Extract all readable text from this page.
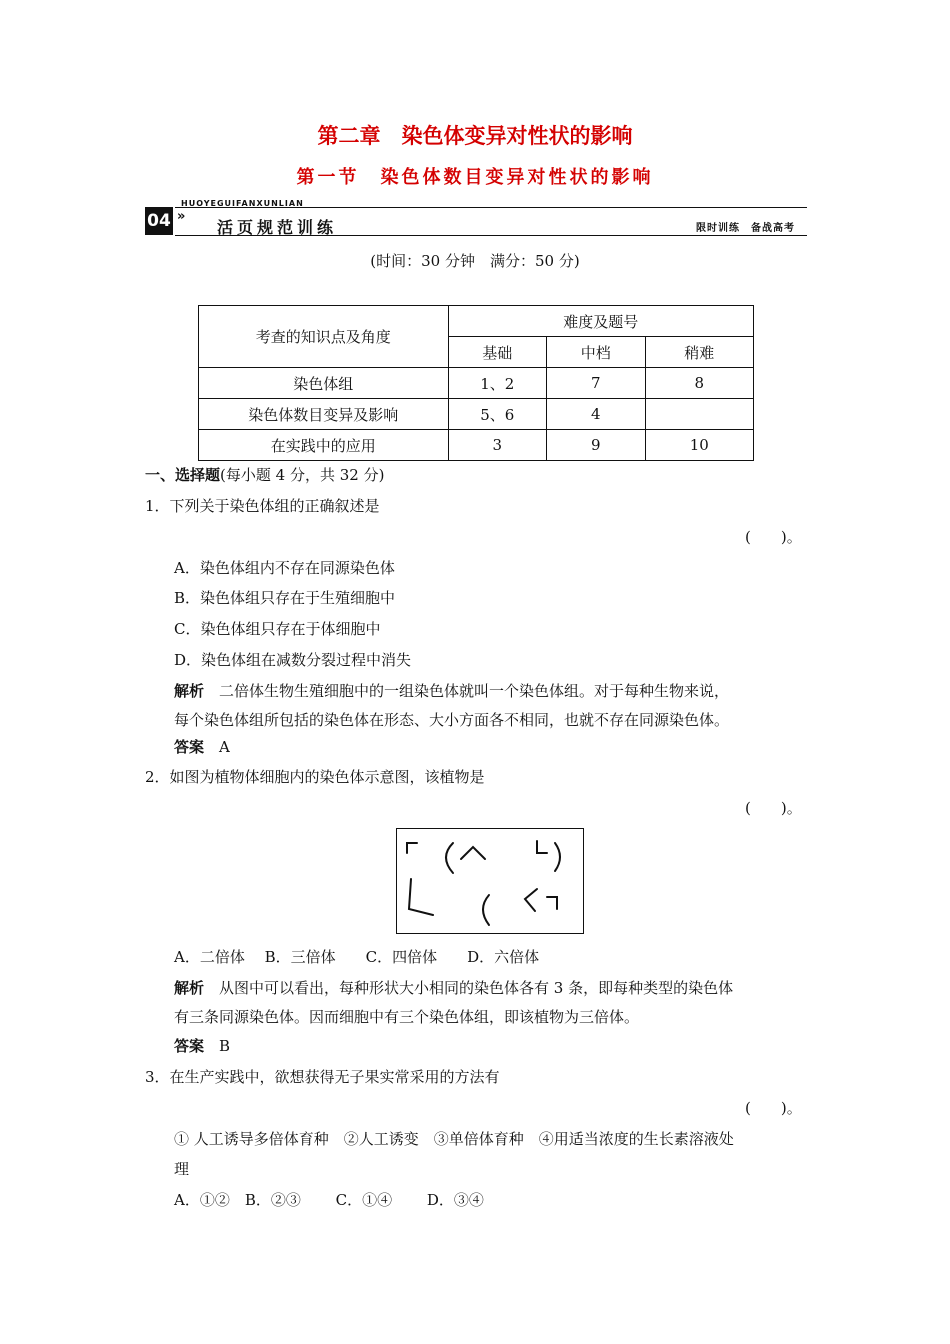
第二章　染色体变异对性状的影响
第一节　染色体数目变异对性状的影响
HUOYEGUIFANXUNLIAN
04 »
活页规范训练	限时训练　备战高考
(时间：30 分钟　满分：50 分)
考查的知识点及角度	难度及题号		
	基础	中档	稍难
染色体组	1、2	7	8
染色体数目变异及影响	5、6	4	
在实践中的应用	3	9	10
一、选择题(每小题 4 分，共 32 分)
1．下列关于染色体组的正确叙述是
(　　)。
A．染色体组内不存在同源染色体
B．染色体组只存在于生殖细胞中
C．染色体组只存在于体细胞中
D．染色体组在减数分裂过程中消失
解析　 二倍体生物生殖细胞中的一组染色体就叫一个染色体组。对于每种生物来说，
每个染色体组所包括的染色体在形态、大小方面各不相同，也就不存在同源染色体。
答案　 A
2．如图为植物体细胞内的染色体示意图，该植物是
(　　)。
A．二倍体　 B．三倍体　　C．四倍体　　D．六倍体
解析　 从图中可以看出，每种形状大小相同的染色体各有 3 条，即每种类型的染色体
有三条同源染色体。因而细胞中有三个染色体组，即该植物为三倍体。
答案　 B
3．在生产实践中，欲想获得无子果实常采用的方法有
(　　)。
① 人工诱导多倍体育种　②人工诱变　③单倍体育种　④用适当浓度的生长素溶液处
理
A．①②　B．②③　　 C．①④　　 D．③④
